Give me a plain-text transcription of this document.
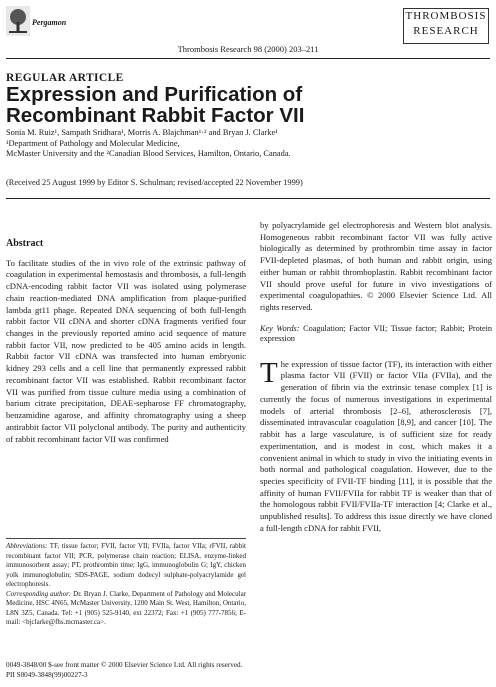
Pergamon
THROMBOSIS
RESEARCH
Thrombosis Research 98 (2000) 203–211
REGULAR ARTICLE
Expression and Purification of
Recombinant Rabbit Factor VII
Sonia M. Ruiz¹, Sampath Sridhara¹, Morris A. Blajchman¹·² and Bryan J. Clarke¹
¹Department of Pathology and Molecular Medicine,
McMaster University and the ²Canadian Blood Services, Hamilton, Ontario, Canada.
(Received 25 August 1999 by Editor S. Schulman; revised/accepted 22 November 1999)
Abstract

To facilitate studies of the in vivo role of the extrinsic pathway of coagulation in experimental hemostasis and thrombosis, a full-length cDNA-encoding rabbit factor VII was isolated using polymerase chain reaction-mediated DNA amplification from plaque-purified lambda gt11 phage. Repeated DNA sequencing of both full-length rabbit factor VII cDNA and shorter cDNA fragments verified four changes in the previously reported amino acid sequence of mature rabbit factor VII, now predicted to be 405 amino acids in length. Rabbit factor VII cDNA was transfected into human embryonic kidney 293 cells and a cell line that permanently expressed rabbit recombinant factor VII was established. Rabbit recombinant factor VII was purified from tissue culture media using a combination of barium citrate precipitation, DEAE-sepharose FF chromatography, benzamidine agarose, and affinity chromatography using a sheep antirabbit factor VII polyclonal antibody. The purity and authenticity of rabbit recombinant factor VII was confirmed

by polyacrylamide gel electrophoresis and Western blot analysis. Homogeneous rabbit recombinant factor VII was fully active biologically as determined by prothrombin time assay in factor FVII-depleted plasmas, of both human and rabbit origin, using either human or rabbit thromboplastin. Rabbit recombinant factor VII should prove useful for future in vivo investigations of experimental coagulopathies. © 2000 Elsevier Science Ltd. All rights reserved.

Key Words: Coagulation; Factor VII; Tissue factor; Rabbit; Protein expression

The expression of tissue factor (TF), its interaction with either plasma factor VII (FVII) or factor VIIa (FVIIa), and the generation of fibrin via the extrinsic tenase complex [1] is currently the focus of numerous investigations in experimental models of arterial thrombosis [2–6], atherosclerosis [7], disseminated intravascular coagulation [8,9], and cancer [10]. The rabbit has a large vasculature, is of sufficient size for ready experimentation, and is modest in cost, which makes it a convenient animal in which to study in vivo the initiating events in both normal and pathological coagulation. However, due to the species specificity of FVII-TF binding [11], it is possible that the affinity of human FVII/FVIIa for rabbit TF is weaker than that of the homologous rabbit FVII/FVIIa-TF interaction [4; Clarke et al., unpublished results]. To address this issue directly we have cloned a full-length cDNA for rabbit FVII,

Abbreviations: TF, tissue factor; FVII, factor VII; FVIIa, factor VIIa; rFVII, rabbit recombinant factor VII; PCR, polymerase chain reaction; ELISA, enzyme-linked immunosorbent assay; PT, prothrombin time; IgG, immunoglobulin G; IgY, chicken yolk immunoglobulin; SDS-PAGE, sodium dodecyl sulphate-polyacrylamide gel electrophoresis.

Corresponding author: Dr. Bryan J. Clarke, Department of Pathology and Molecular Medicine, HSC 4N65, McMaster University, 1200 Main St. West, Hamilton, Ontario, L8N 3Z5, Canada. Tel: +1 (905) 525-9140, ext 22372; Fax: +1 (905) 777-7856; E-mail: <bjclarke@fhs.mcmaster.ca>.

0049-3848/00 $-see front matter © 2000 Elsevier Science Ltd. All rights reserved.
PII S0049-3848(99)00227-3
